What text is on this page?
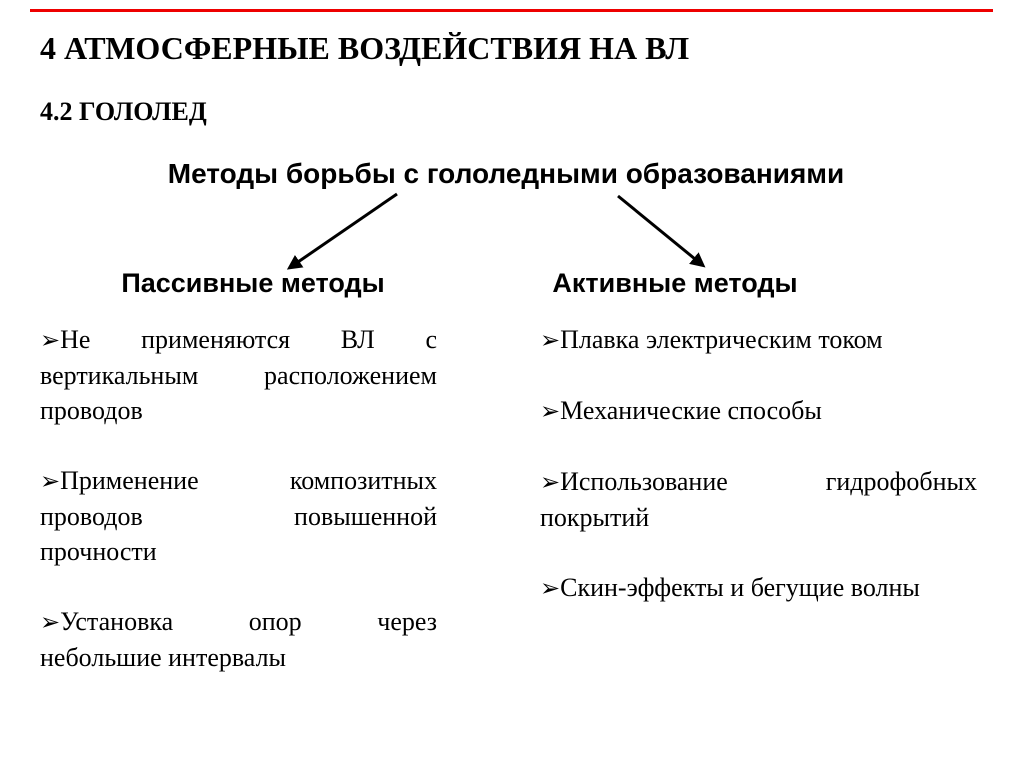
4 АТМОСФЕРНЫЕ ВОЗДЕЙСТВИЯ НА ВЛ
4.2 ГОЛОЛЕД
Методы борьбы с гололедными образованиями
Пассивные методы	Активные методы
➢Не применяются ВЛ с
вертикальным расположением
проводов
➢Применение композитных
проводов повышенной
прочности
➢Установка опор через
небольшие интервалы
➢Плавка электрическим током
➢Механические способы
➢Использование гидрофобных
покрытий
➢Скин-эффекты и бегущие волны
